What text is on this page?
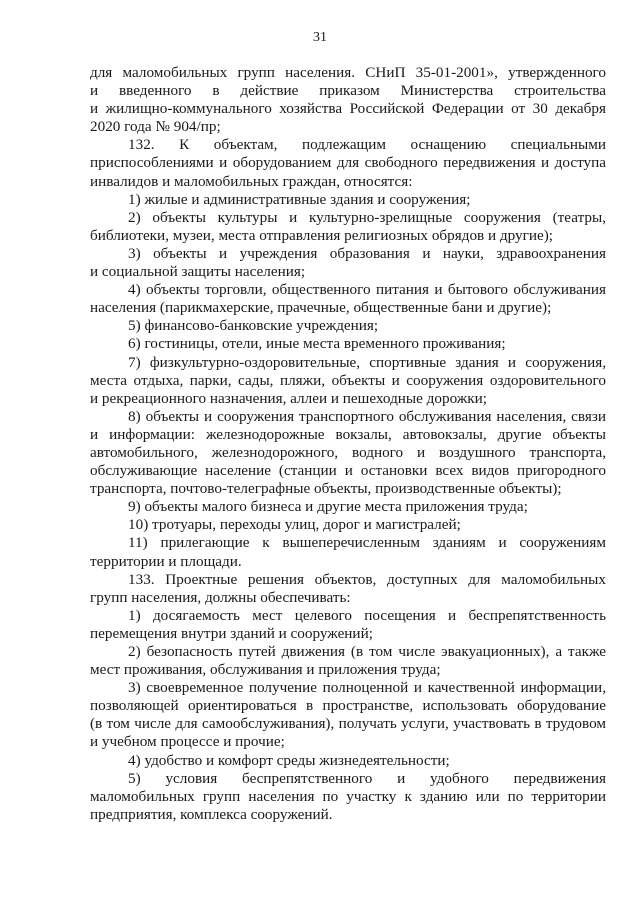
31
для маломобильных групп населения. СНиП 35-01-2001», утвержденного
и введенного в действие приказом Министерства строительства
и жилищно-коммунального хозяйства Российской Федерации от 30 декабря
2020 года № 904/пр;
132. К объектам, подлежащим оснащению специальными
приспособлениями и оборудованием для свободного передвижения и доступа
инвалидов и маломобильных граждан, относятся:
1) жилые и административные здания и сооружения;
2) объекты культуры и культурно-зрелищные сооружения (театры,
библиотеки, музеи, места отправления религиозных обрядов и другие);
3) объекты и учреждения образования и науки, здравоохранения
и социальной защиты населения;
4) объекты торговли, общественного питания и бытового обслуживания
населения (парикмахерские, прачечные, общественные бани и другие);
5) финансово-банковские учреждения;
6) гостиницы, отели, иные места временного проживания;
7) физкультурно-оздоровительные, спортивные здания и сооружения,
места отдыха, парки, сады, пляжи, объекты и сооружения оздоровительного
и рекреационного назначения, аллеи и пешеходные дорожки;
8) объекты и сооружения транспортного обслуживания населения, связи
и информации: железнодорожные вокзалы, автовокзалы, другие объекты
автомобильного, железнодорожного, водного и воздушного транспорта,
обслуживающие население (станции и остановки всех видов пригородного
транспорта, почтово-телеграфные объекты, производственные объекты);
9) объекты малого бизнеса и другие места приложения труда;
10) тротуары, переходы улиц, дорог и магистралей;
11) прилегающие к вышеперечисленным зданиям и сооружениям
территории и площади.
133. Проектные решения объектов, доступных для маломобильных
групп населения, должны обеспечивать:
1) досягаемость мест целевого посещения и беспрепятственность
перемещения внутри зданий и сооружений;
2) безопасность путей движения (в том числе эвакуационных), а также
мест проживания, обслуживания и приложения труда;
3) своевременное получение полноценной и качественной информации,
позволяющей ориентироваться в пространстве, использовать оборудование
(в том числе для самообслуживания), получать услуги, участвовать в трудовом
и учебном процессе и прочие;
4) удобство и комфорт среды жизнедеятельности;
5) условия беспрепятственного и удобного передвижения
маломобильных групп населения по участку к зданию или по территории
предприятия, комплекса сооружений.
